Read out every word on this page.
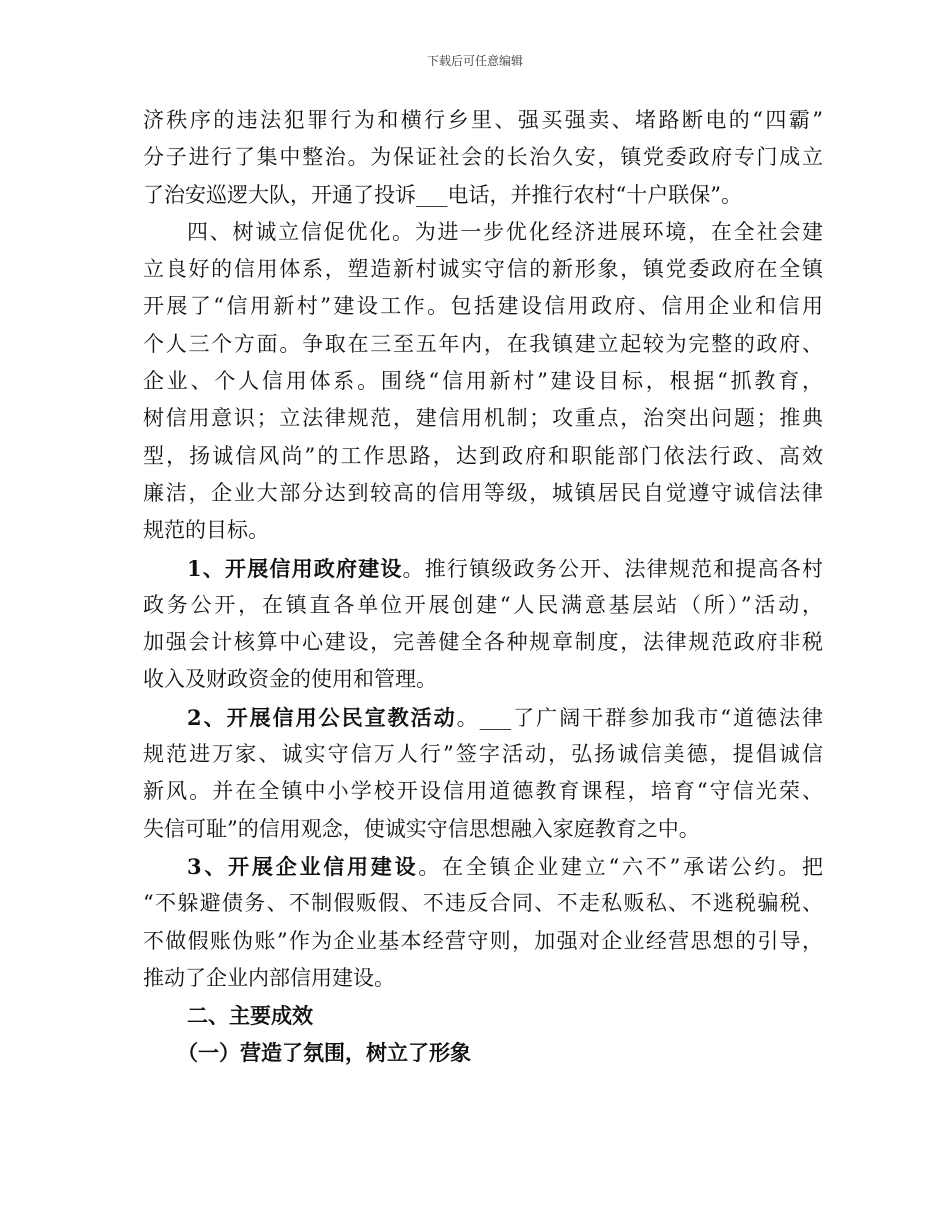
下载后可任意编辑
济秩序的违法犯罪行为和横行乡里、强买强卖、堵路断电的“四霸”
分子进行了集中整治。为保证社会的长治久安，镇党委政府专门成立
了治安巡逻大队，开通了投诉___电话，并推行农村“十户联保”。
四、树诚立信促优化。为进一步优化经济进展环境，在全社会建
立良好的信用体系，塑造新村诚实守信的新形象，镇党委政府在全镇
开展了“信用新村”建设工作。包括建设信用政府、信用企业和信用
个人三个方面。争取在三至五年内，在我镇建立起较为完整的政府、
企业、个人信用体系。围绕“信用新村”建设目标，根据“抓教育，
树信用意识；立法律规范，建信用机制；攻重点，治突出问题；推典
型，扬诚信风尚”的工作思路，达到政府和职能部门依法行政、高效
廉洁，企业大部分达到较高的信用等级，城镇居民自觉遵守诚信法律
规范的目标。
1、开展信用政府建设。推行镇级政务公开、法律规范和提高各村
政务公开，在镇直各单位开展创建“人民满意基层站（所）”活动，
加强会计核算中心建设，完善健全各种规章制度，法律规范政府非税
收入及财政资金的使用和管理。
2、开展信用公民宣教活动。___了广阔干群参加我市“道德法律
规范进万家、诚实守信万人行”签字活动，弘扬诚信美德，提倡诚信
新风。并在全镇中小学校开设信用道德教育课程，培育“守信光荣、
失信可耻”的信用观念，使诚实守信思想融入家庭教育之中。
3、开展企业信用建设。在全镇企业建立“六不”承诺公约。把
“不躲避债务、不制假贩假、不违反合同、不走私贩私、不逃税骗税、
不做假账伪账”作为企业基本经营守则，加强对企业经营思想的引导，
推动了企业内部信用建设。
二、主要成效
（一）营造了氛围，树立了形象
